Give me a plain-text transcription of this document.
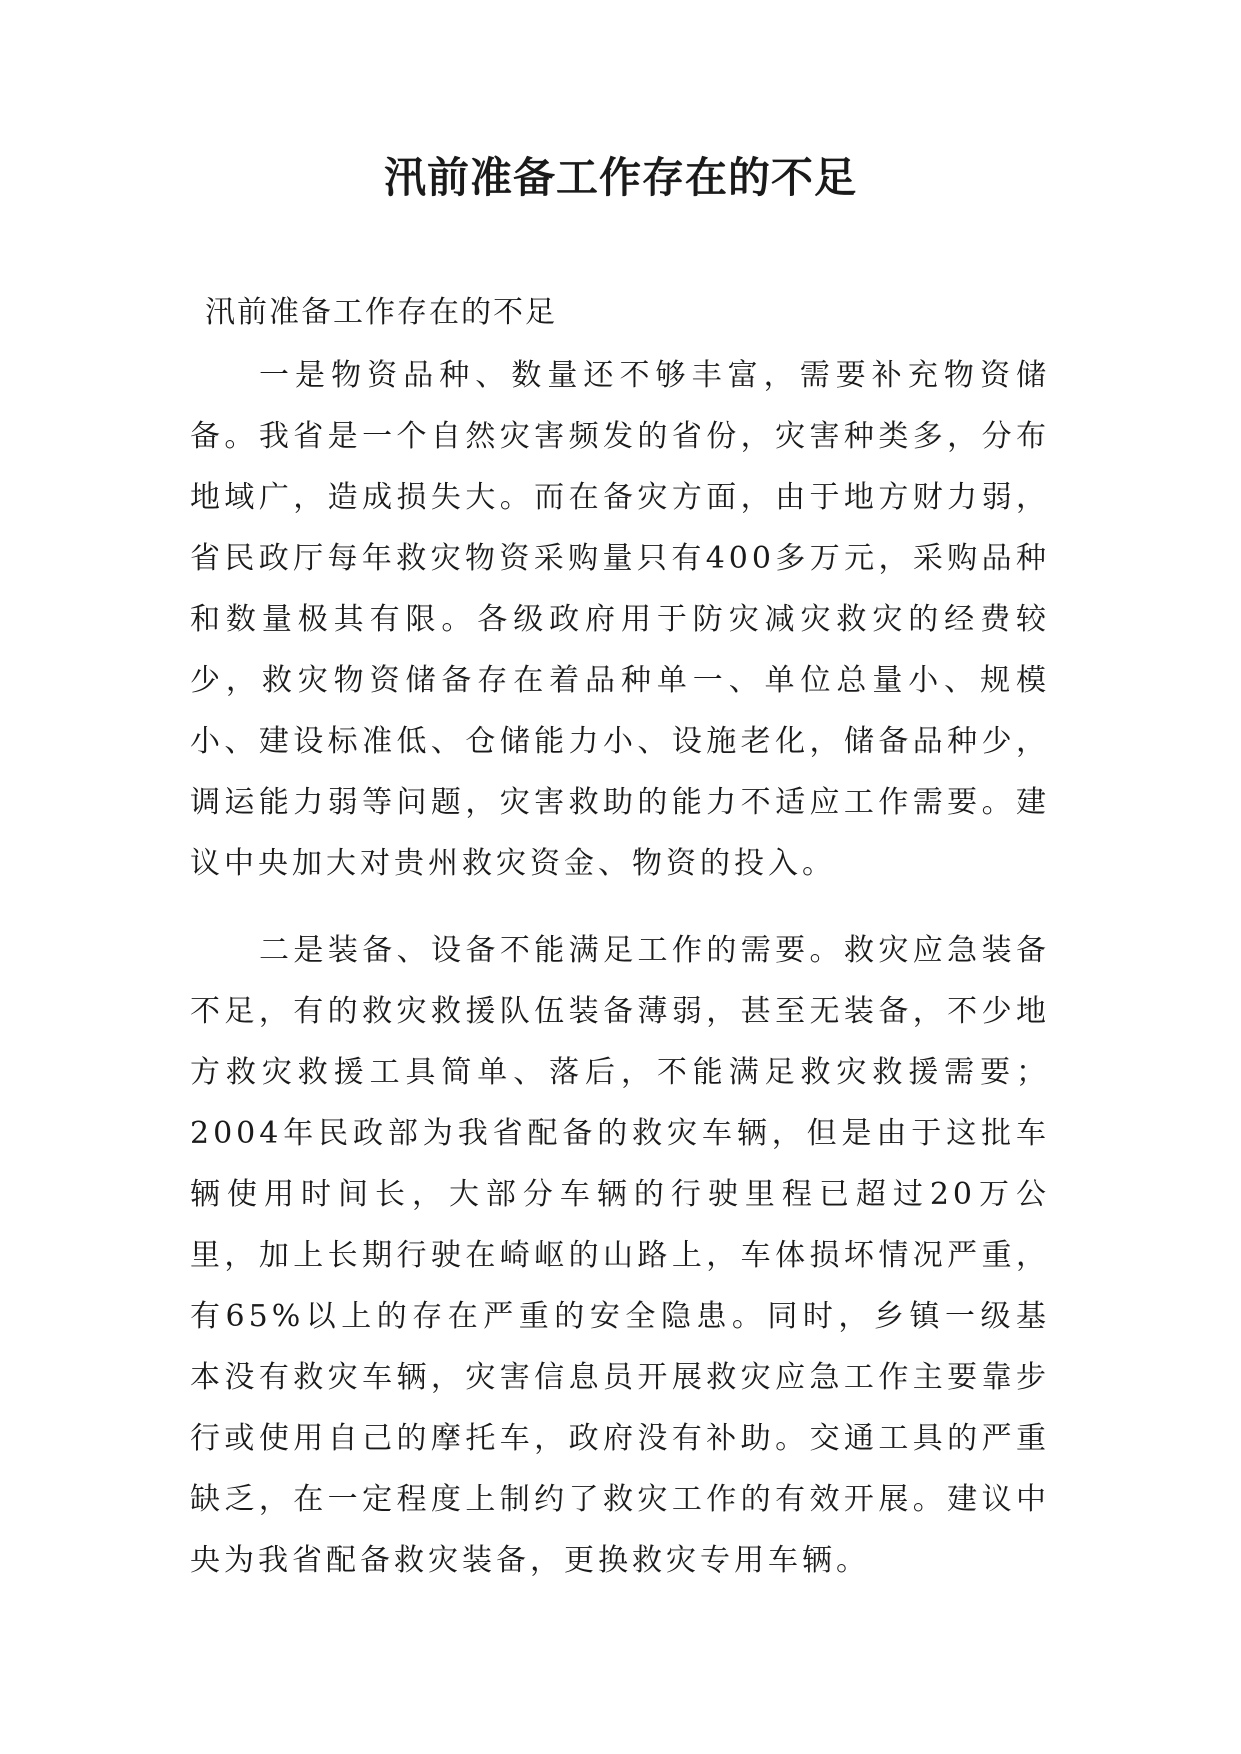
汛前准备工作存在的不足

汛前准备工作存在的不足

一是物资品种、数量还不够丰富，需要补充物资储备。我省是一个自然灾害频发的省份，灾害种类多，分布地域广，造成损失大。而在备灾方面，由于地方财力弱，省民政厅每年救灾物资采购量只有400多万元，采购品种和数量极其有限。各级政府用于防灾减灾救灾的经费较少，救灾物资储备存在着品种单一、单位总量小、规模小、建设标准低、仓储能力小、设施老化，储备品种少，调运能力弱等问题，灾害救助的能力不适应工作需要。建议中央加大对贵州救灾资金、物资的投入。

二是装备、设备不能满足工作的需要。救灾应急装备不足，有的救灾救援队伍装备薄弱，甚至无装备，不少地方救灾救援工具简单、落后，不能满足救灾救援需要；2004年民政部为我省配备的救灾车辆，但是由于这批车辆使用时间长，大部分车辆的行驶里程已超过20万公里，加上长期行驶在崎岖的山路上，车体损坏情况严重，有65%以上的存在严重的安全隐患。同时，乡镇一级基本没有救灾车辆，灾害信息员开展救灾应急工作主要靠步行或使用自己的摩托车，政府没有补助。交通工具的严重缺乏，在一定程度上制约了救灾工作的有效开展。建议中央为我省配备救灾装备，更换救灾专用车辆。
